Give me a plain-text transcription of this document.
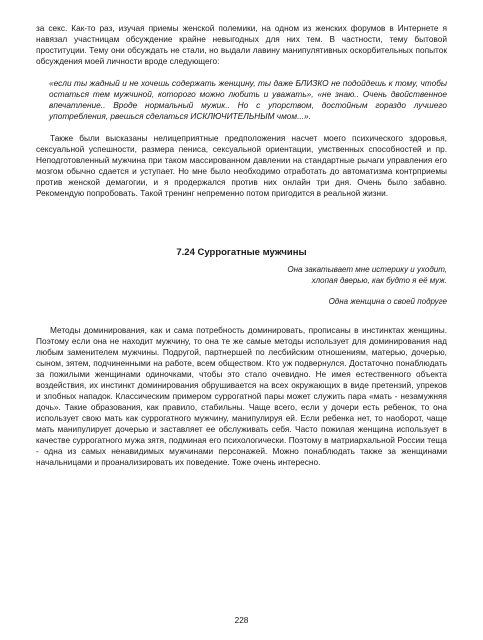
за секс. Как-то раз, изучая приемы женской полемики, на одном из женских форумов в Интернете я навязал участницам обсуждение крайне невыгодных для них тем. В частности, тему бытовой проституции. Тему они обсуждать не стали, но выдали лавину манипулятивных оскорбительных попыток обсуждения моей личности вроде следующего:

«если ты жадный и не хочешь содержать женщину, ты даже БЛИЗКО не подойдешь к тому, чтобы остаться тем мужчиной, которого можно любить и уважать», «не знаю.. Очень двойственное впечатление.. Вроде нормальный мужик.. Но с упорством, достойным гораздо лучшего употребления, рвешься сделаться ИСКЛЮЧИТЕЛЬНЫМ чмом...».

Также были высказаны нелицеприятные предположения насчет моего психического здоровья, сексуальной успешности, размера пениса, сексуальной ориентации, умственных способностей и пр. Неподготовленный мужчина при таком массированном давлении на стандартные рычаги управления его мозгом обычно сдается и уступает. Но мне было необходимо отработать до автоматизма контрприемы против женской демагогии, и я продержался против них онлайн три дня. Очень было забавно. Рекомендую попробовать. Такой тренинг непременно потом пригодится в реальной жизни.

7.24 Суррогатные мужчины

Она закатывает мне истерику и уходит,

хлопая дверью, как будто я её муж.

Одна женщина о своей подруге

Методы доминирования, как и сама потребность доминировать, прописаны в инстинктах женщины. Поэтому если она не находит мужчину, то она те же самые методы использует для доминирования над любым заменителем мужчины. Подругой, партнершей по лесбийским отношениям, матерью, дочерью, сыном, зятем, подчиненными на работе, всем обществом. Кто уж подвернулся. Достаточно понаблюдать за пожилыми женщинами одиночками, чтобы это стало очевидно. Не имея естественного объекта воздействия, их инстинкт доминирования обрушивается на всех окружающих в виде претензий, упреков и злобных нападок. Классическим примером суррогатной пары может служить пара «мать - незамужняя дочь». Такие образования, как правило, стабильны. Чаще всего, если у дочери есть ребенок, то она использует свою мать как суррогатного мужчину, манипулируя ей. Если ребенка нет, то наоборот, чаще мать манипулирует дочерью и заставляет ее обслуживать себя. Часто пожилая женщина использует в качестве суррогатного мужа зятя, подминая его психологически. Поэтому в матриархальной России теща - одна из самых ненавидимых мужчинами персонажей. Можно понаблюдать также за женщинами начальницами и проанализировать их поведение. Тоже очень интересно.

228
